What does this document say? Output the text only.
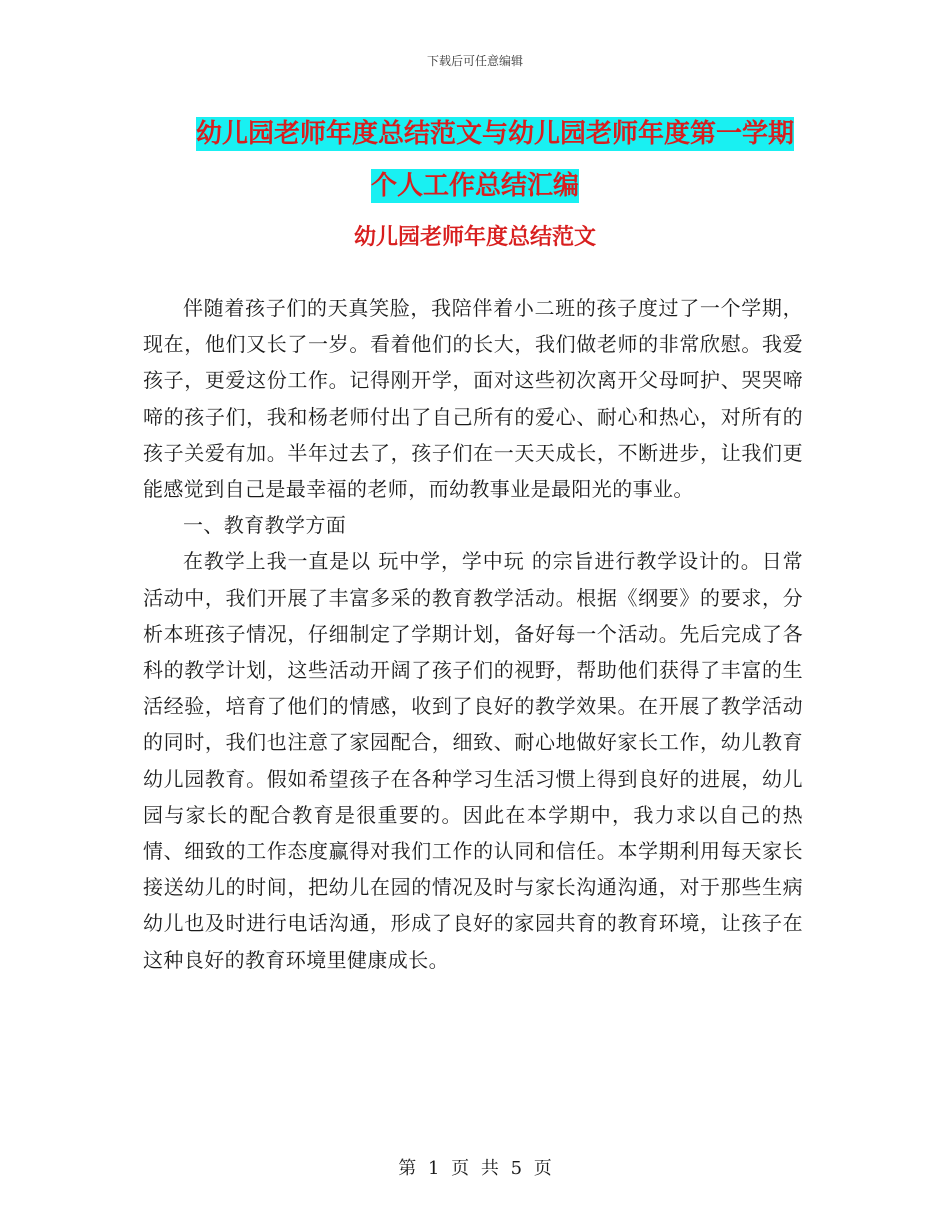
下载后可任意编辑
幼儿园老师年度总结范文与幼儿园老师年度第一学期
个人工作总结汇编
幼儿园老师年度总结范文

伴随着孩子们的天真笑脸，我陪伴着小二班的孩子度过了一个学期，现在，他们又长了一岁。看着他们的长大，我们做老师的非常欣慰。我爱孩子，更爱这份工作。记得刚开学，面对这些初次离开父母呵护、哭哭啼啼的孩子们，我和杨老师付出了自己所有的爱心、耐心和热心，对所有的孩子关爱有加。半年过去了，孩子们在一天天成长，不断进步，让我们更能感觉到自己是最幸福的老师，而幼教事业是最阳光的事业。

一、教育教学方面

在教学上我一直是以 玩中学，学中玩 的宗旨进行教学设计的。日常活动中，我们开展了丰富多采的教育教学活动。根据《纲要》的要求，分析本班孩子情况，仔细制定了学期计划，备好每一个活动。先后完成了各科的教学计划，这些活动开阔了孩子们的视野，帮助他们获得了丰富的生活经验，培育了他们的情感，收到了良好的教学效果。在开展了教学活动的同时，我们也注意了家园配合，细致、耐心地做好家长工作，幼儿教育 幼儿园教育。假如希望孩子在各种学习生活习惯上得到良好的进展，幼儿园与家长的配合教育是很重要的。因此在本学期中，我力求以自己的热情、细致的工作态度赢得对我们工作的认同和信任。本学期利用每天家长接送幼儿的时间，把幼儿在园的情况及时与家长沟通沟通，对于那些生病幼儿也及时进行电话沟通，形成了良好的家园共育的教育环境，让孩子在这种良好的教育环境里健康成长。

第 1 页 共 5 页
